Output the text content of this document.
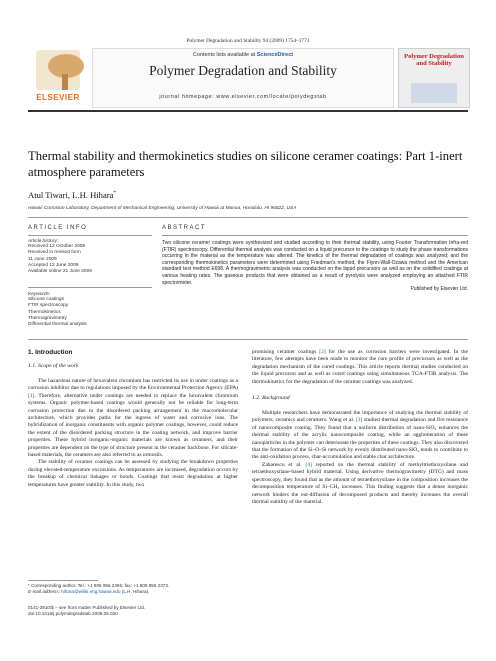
Polymer Degradation and Stability 94 (2009) 1754–1771
ELSEVIER
Contents lists available at ScienceDirect
Polymer Degradation and Stability
journal homepage: www.elsevier.com/locate/polydegstab
Polymer Degradation and Stability
Thermal stability and thermokinetics studies on silicone ceramer coatings: Part 1-inert atmosphere parameters
Atul Tiwari, L.H. Hihara*
Hawaii Corrosion Laboratory, Department of Mechanical Engineering, University of Hawaii at Manoa, Honolulu, HI 96822, USA
ARTICLE INFO	ABSTRACT
Article history:
Received 12 October 2008
Received in revised form
11 June 2009
Accepted 12 June 2009
Available online 21 June 2009
Keywords:
Silicone coatings
FTIR spectroscopy
Thermokinetics
Thermogravimetry
Differential thermal analysis
Two silicone ceramer coatings were synthesized and studied according to their thermal stability, using Fourier Transformation Infra-red (FTIR) spectroscopy. Differential thermal analysis was conducted on a liquid precursor to the coatings to study the phase transformations occurring in the material as the temperature was altered. The kinetics of the thermal degradation of coatings was analyzed; and the corresponding thermokinetics parameters were determined using Friedman's method, the Flynn-Wall-Ozawa method and the American standard test method E698. A thermogravimetric analysis was conducted on the liquid precursors as well as on the solidified coatings at various heating rates. The gaseous products that were obtained as a result of pyrolysis were analyzed employing an attached FTIR spectrometer.
Published by Elsevier Ltd.
1. Introduction
1.1. Scope of the work
The hazardous nature of hexavalent chromium has restricted its use in under coatings as a corrosion inhibitor due to regulations imposed by the Environmental Protection Agency (EPA) [1]. Therefore, alternative under coatings are needed to replace the hexavalent chromium systems. Organic polymer-based coatings would generally not be reliable for long-term corrosion protection due to the disordered packing arrangement in the macromolecular architecture, which provides paths for the ingress of water and corrosive ions. The hybridization of inorganic constituents with organic polymer coatings, however, could reduce the extent of the disordered packing structure in the coating network, and improve barrier properties. These hybrid inorganic-organic materials are known as ceramers, and their properties are dependent on the type of structure present in the ceramer backbone. For silicate-based materials, the ceramers are also referred to as ormosils.
The stability of ceramer coatings can be assessed by studying the breakdown properties during elevated-temperature excursions. As temperatures are increased, degradation occurs by the breakup of chemical linkages or bonds. Coatings that resist degradation at higher temperatures have greater stability. In this study, two
* Corresponding author. Tel.: +1 808 956 2365; fax: +1 808 956 2373.
E-mail address: hihara@wiliki.eng.hawaii.edu (L.H. Hihara).
0141-3910/$ – see front matter Published by Elsevier Ltd.
doi:10.1016/j.polymdegradstab.2009.06.030
promising ceramer coatings [2] for the use as corrosion barriers were investigated. In the literature, few attempts have been made to monitor the cure profile of precursors as well as the degradation mechanism of the cured coatings. This article reports thermal studies conducted on the liquid precursor and as well as cured coatings using simultaneous TGA-FTIR analysis. The thermokinetics for the degradation of the ceramer coatings was analyzed.
1.2. Background
Multiple researchers have demonstrated the importance of studying the thermal stability of polymers, ceramics and ceramers. Wang et al. [3] studied thermal degradation and fire resistance of nanocomposite coating. They found that a uniform distribution of nano-SiO₂ enhances the thermal stability of the acrylic nanocomposite coating, while an agglomeration of these nanoparticles in the polymer can deteriorate the properties of these coatings. They also discovered that the formation of the Si–O–Si network by evenly distributed nano-SiO₂ tends to contribute to the anti-oxidation process, char-accumulation and stable char architecture.
Zaharescu et al. [4] reported on the thermal stability of methyltriethoxysilane and tetraethoxysilane-based hybrid material. Using derivative thermogravimetry (DTG) and mass spectroscopy, they found that as the amount of tetraethoxysilane in the composition increases the decomposition temperature of Si–CH₃ increases. This finding suggests that a dense inorganic network hinders the out-diffusion of decomposed products and thereby increases the overall thermal stability of the material.
